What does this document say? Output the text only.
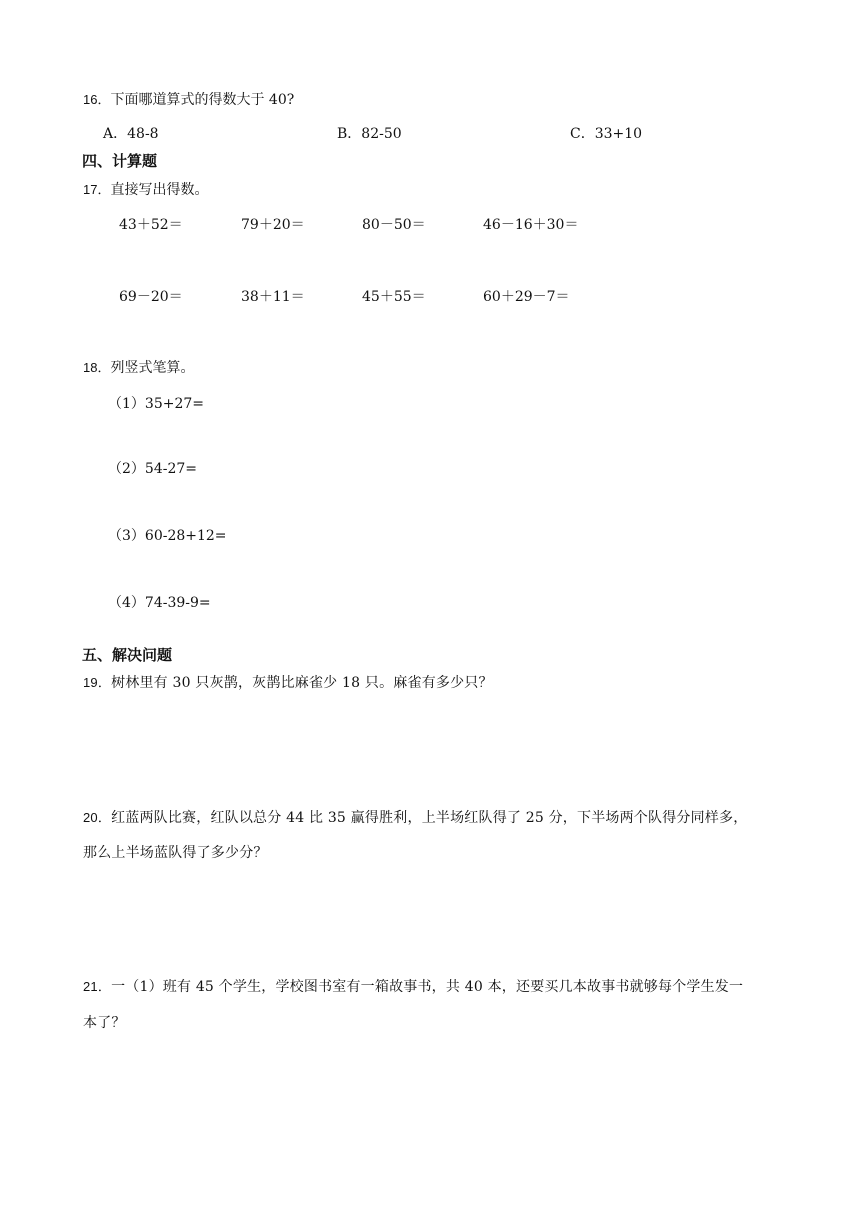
16．下面哪道算式的得数大于 40?
A．48-8	B．82-50	C．33+10
四、计算题
17．直接写出得数。
43＋52＝	79＋20＝	80－50＝	46－16＋30＝
69－20＝	38＋11＝	45＋55＝	60＋29－7＝
18．列竖式笔算。
（1）35+27=
（2）54-27=
（3）60-28+12=
（4）74-39-9=
五、解决问题
19．树林里有 30 只灰鹊，灰鹊比麻雀少 18 只。麻雀有多少只？
20．红蓝两队比赛，红队以总分 44 比 35 赢得胜利，上半场红队得了 25 分，下半场两个队得分同样多，
那么上半场蓝队得了多少分？
21．一（1）班有 45 个学生，学校图书室有一箱故事书，共 40 本，还要买几本故事书就够每个学生发一
本了？
